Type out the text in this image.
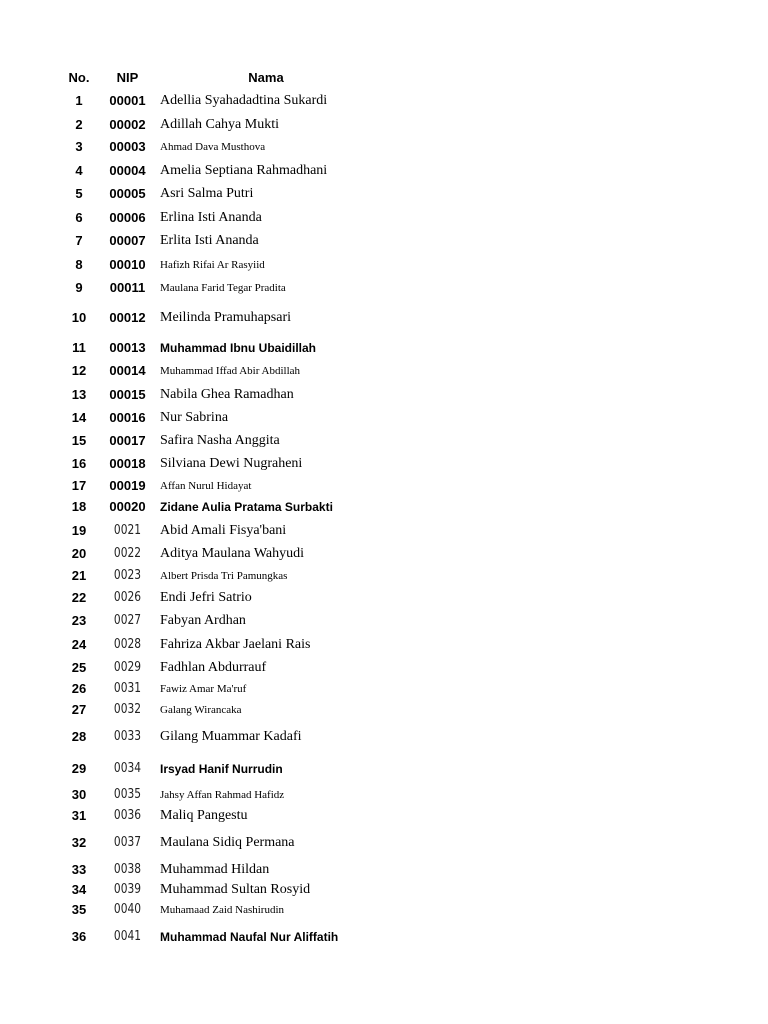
No.	NIP	Nama
1	00001	Adellia Syahadadtina Sukardi
2	00002	Adillah Cahya Mukti
3	00003	Ahmad Dava Musthova
4	00004	Amelia Septiana Rahmadhani
5	00005	Asri Salma Putri
6	00006	Erlina Isti Ananda
7	00007	Erlita Isti Ananda
8	00010	Hafizh Rifai Ar Rasyiid
9	00011	Maulana Farid Tegar Pradita
10	00012	Meilinda Pramuhapsari
11	00013	Muhammad Ibnu Ubaidillah
12	00014	Muhammad Iffad Abir Abdillah
13	00015	Nabila Ghea Ramadhan
14	00016	Nur Sabrina
15	00017	Safira Nasha Anggita
16	00018	Silviana Dewi Nugraheni
17	00019	Affan Nurul Hidayat
18	00020	Zidane Aulia Pratama Surbakti
19	0021	Abid Amali Fisya'bani
20	0022	Aditya Maulana Wahyudi
21	0023	Albert Prisda Tri Pamungkas
22	0026	Endi Jefri Satrio
23	0027	Fabyan Ardhan
24	0028	Fahriza Akbar Jaelani Rais
25	0029	Fadhlan Abdurrauf
26	0031	Fawiz Amar Ma'ruf
27	0032	Galang Wirancaka
28	0033	Gilang Muammar Kadafi
29	0034	Irsyad Hanif Nurrudin
30	0035	Jahsy Affan Rahmad Hafidz
31	0036	Maliq Pangestu
32	0037	Maulana Sidiq Permana
33	0038	Muhammad Hildan
34	0039	Muhammad Sultan Rosyid
35	0040	Muhamaad Zaid Nashirudin
36	0041	Muhammad Naufal Nur Aliffatih
